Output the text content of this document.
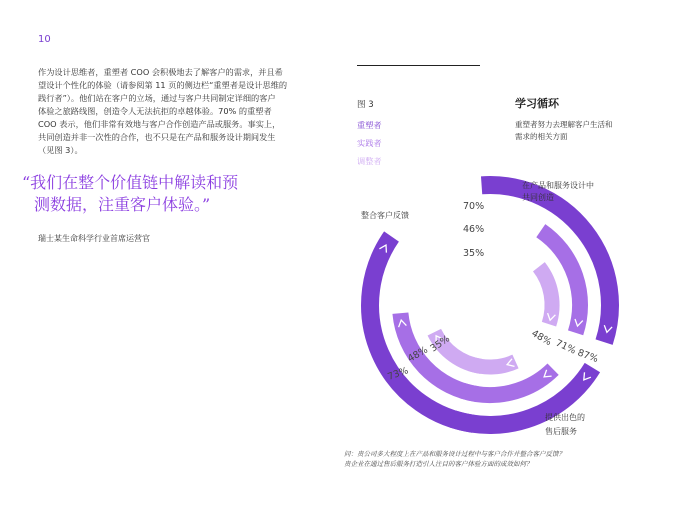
10
作为设计思维者，重塑者 COO 会积极地去了解客户的需求，并且希
望设计个性化的体验（请参阅第 11 页的侧边栏“重塑者是设计思维的
践行者”）。他们站在客户的立场，通过与客户共同制定详细的客户
体验之旅路线图，创造令人无法抗拒的卓越体验。70% 的重塑者
COO 表示，他们非常有效地与客户合作创造产品或服务。事实上，
共同创造并非一次性的合作，也不只是在产品和服务设计期间发生
（见图 3）。
“我们在整个价值链中解读和预
测数据，注重客户体验。”
瑞士某生命科学行业首席运营官
图 3
重塑者
实践者
调整者
学习循环
重塑者努力去理解客户生活和
需求的相关方面
70%
46%
35%
73%
48%
35%	48% 71%
87%
在产品和服务设计中
共同创造
整合客户反馈
提供出色的
售后服务
问：贵公司多大程度上在产品和服务设计过程中与客户合作并整合客户反馈？
贵企业在通过售后服务打造引人注目的客户体验方面的成效如何？
